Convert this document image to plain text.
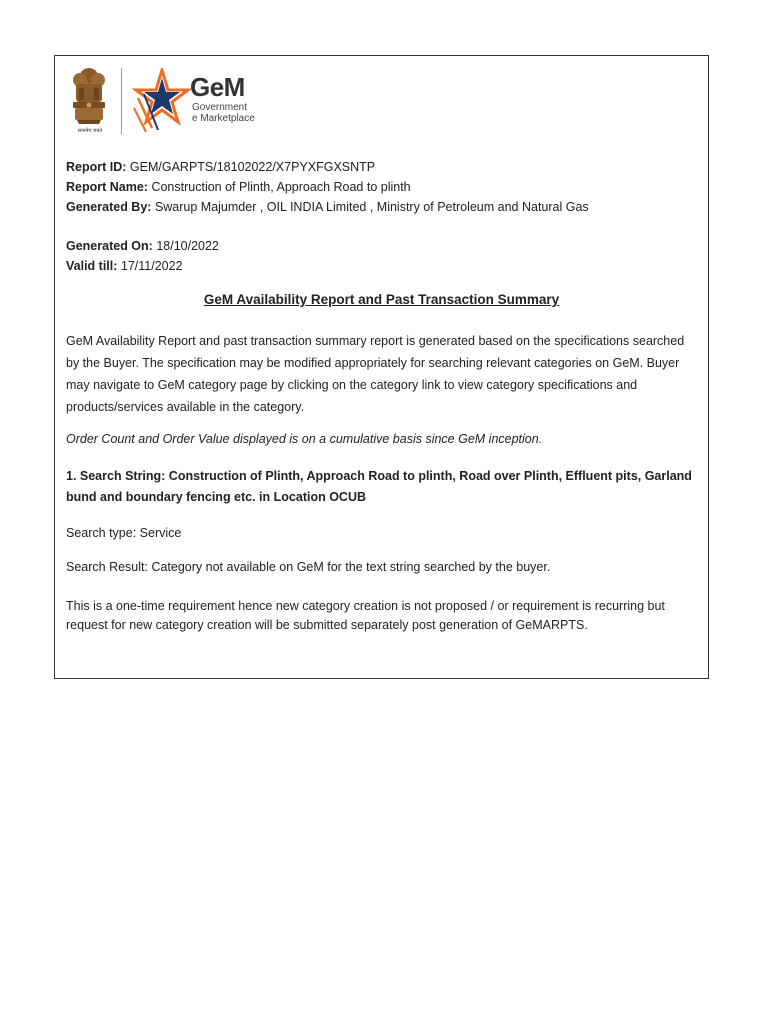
सत्यमेव जयते
GeM
Government
e Marketplace
Report ID: GEM/GARPTS/18102022/X7PYXFGXSNTP
Report Name: Construction of Plinth, Approach Road to plinth
Generated By: Swarup Majumder , OIL INDIA Limited , Ministry of Petroleum and Natural Gas
Generated On: 18/10/2022
Valid till: 17/11/2022
GeM Availability Report and Past Transaction Summary
GeM Availability Report and past transaction summary report is generated based on the specifications searched by the Buyer. The specification may be modified appropriately for searching relevant categories on GeM. Buyer may navigate to GeM category page by clicking on the category link to view category specifications and products/services available in the category.
Order Count and Order Value displayed is on a cumulative basis since GeM inception.
1. Search String: Construction of Plinth, Approach Road to plinth, Road over Plinth, Effluent pits, Garland bund and boundary fencing etc. in Location OCUB
Search type: Service
Search Result: Category not available on GeM for the text string searched by the buyer.
This is a one-time requirement hence new category creation is not proposed / or requirement is recurring but request for new category creation will be submitted separately post generation of GeMARPTS.
